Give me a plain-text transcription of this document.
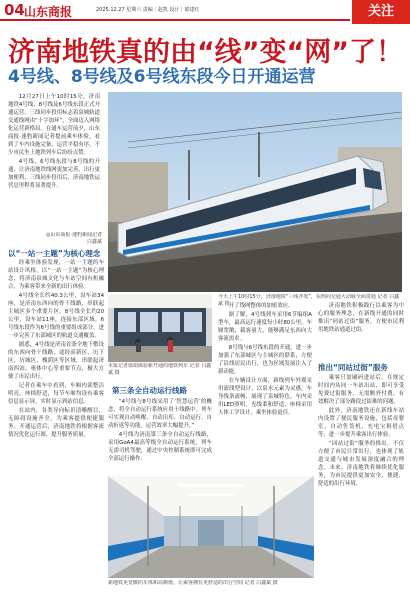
04 山东商报	2025.12.27 星期六 责编｜赵凯 设计｜郎建红	关注
济南地铁真的由“线”变“网”了！
4号线、8号线及6号线东段今日开通运营

12月27日上午10时15分，济南地铁4号线、8号线及6号线东段正式开通运营。三线同步投用标志着泉城轨道交通线网由“十字加环”，全面迈入网络化运营新格局。在通车运营前夕，山东商报·速豹新闻记者提前乘车体验，看到了车内设施完备、运营平稳有序，不少市民坐上地铁列车后纷纷点赞。

4号线、6号线东段与8号线的开通，让济南地铁线网更加完善，出行更加便利，三线同步投用后，济南地铁运营总里程将显著提升。

◎山东商报·速豹新闻记者 白鑫斌
今天上午10时15分，济南地铁“三线齐发”，东西向交通大动脉全面贯通 记者 白鑫斌 摄
以“一站一主题”为核心理念

经乘坐体验发现，一站一主题的车站设计风格，以“一站一主题”为核心理念，将济南泉城文化与车站空间有机融合，为乘客带来全新的出行体验。

4号线全长约40.3公里，设车站34座，是济南东西向的骨干线路，串联起主城区多个重要片区。8号线全长约20公里，设车站11座，连接东部区域。6号线东段作为6号线的重要组成部分，进一步完善了东部城区的轨道交通覆盖。

据悉，4号线是济南首条全地下敷设的东西向骨干线路，途经高新区、历下区、历城区、槐荫区等区域，串联起济南西站、奥体中心等重要节点，极大方便了市民出行。

记者在乘车中看到，车厢内部整洁明亮，座椅舒适，每节车厢均设有乘客信息显示屏，实时显示到站信息。

在站内，各类导向标识清晰醒目，无障碍设施齐全，为乘客提供便捷服务。开通运营后，济南地铁将根据客流情况优化运行图，提升服务质量。

本报记者俱胡体验新开通的地铁列车 记者 白鑫斌 摄
第三条全自动运行线路

“4号线与8号线采用了‘智慧运营’的概念，将全自动运行系统应用于线路中。列车可实现自动唤醒、自动出库、自动运行、自动折返等功能，运营效率大幅提升。”

4号线为济南第三条全自动运行线路，采用GoA4最高等级全自动运行系统，列车无需司机驾驶，通过中央控制系统即可完成全部运行操作。

开了线网整体的加密效应。

据了解，4号线列车采用6节编组A型车，最高运行速度每小时80公里，车厢宽敞，载客量大，能够满足东西向大客流需求。

8号线与6号线东段的开通，进一步加强了东部城区与主城区的联系，方便了沿线居民出行，也为区域发展注入了新动能。

在车辆设计方面，新线列车外观采用流线型设计，以泉水元素为灵感，车身线条流畅，展现了泉城特色。车内采用LED照明，光线柔和舒适，座椅采用人体工学设计，乘坐体验更佳。

推出“同站过街”服务

济南地铁积极践行以乘客为中心的服务理念，在新线开通的同时推出“同站过街”服务，方便市民利用地铁站通道过街。

乘客只需刷码进站后，在规定时间内从同一车站出站，即可享受免费过街服务，无需额外付费，有效解决了部分路段过街难的问题。

此外，济南地铁还在新线车站内设置了便民服务设施，包括母婴室、自动售货机、充电宝租借点等，进一步提升乘客出行体验。

“同站过街”服务的推出，不仅方便了市民日常出行，也体现了轨道交通与城市发展深度融合的理念。未来，济南地铁将继续优化服务，为市民提供更加安全、便捷、舒适的出行环境。

新地铁更宽敞的车体和高颜值，让乘客拥有更舒适的出行空间 记者 白鑫斌 摄
